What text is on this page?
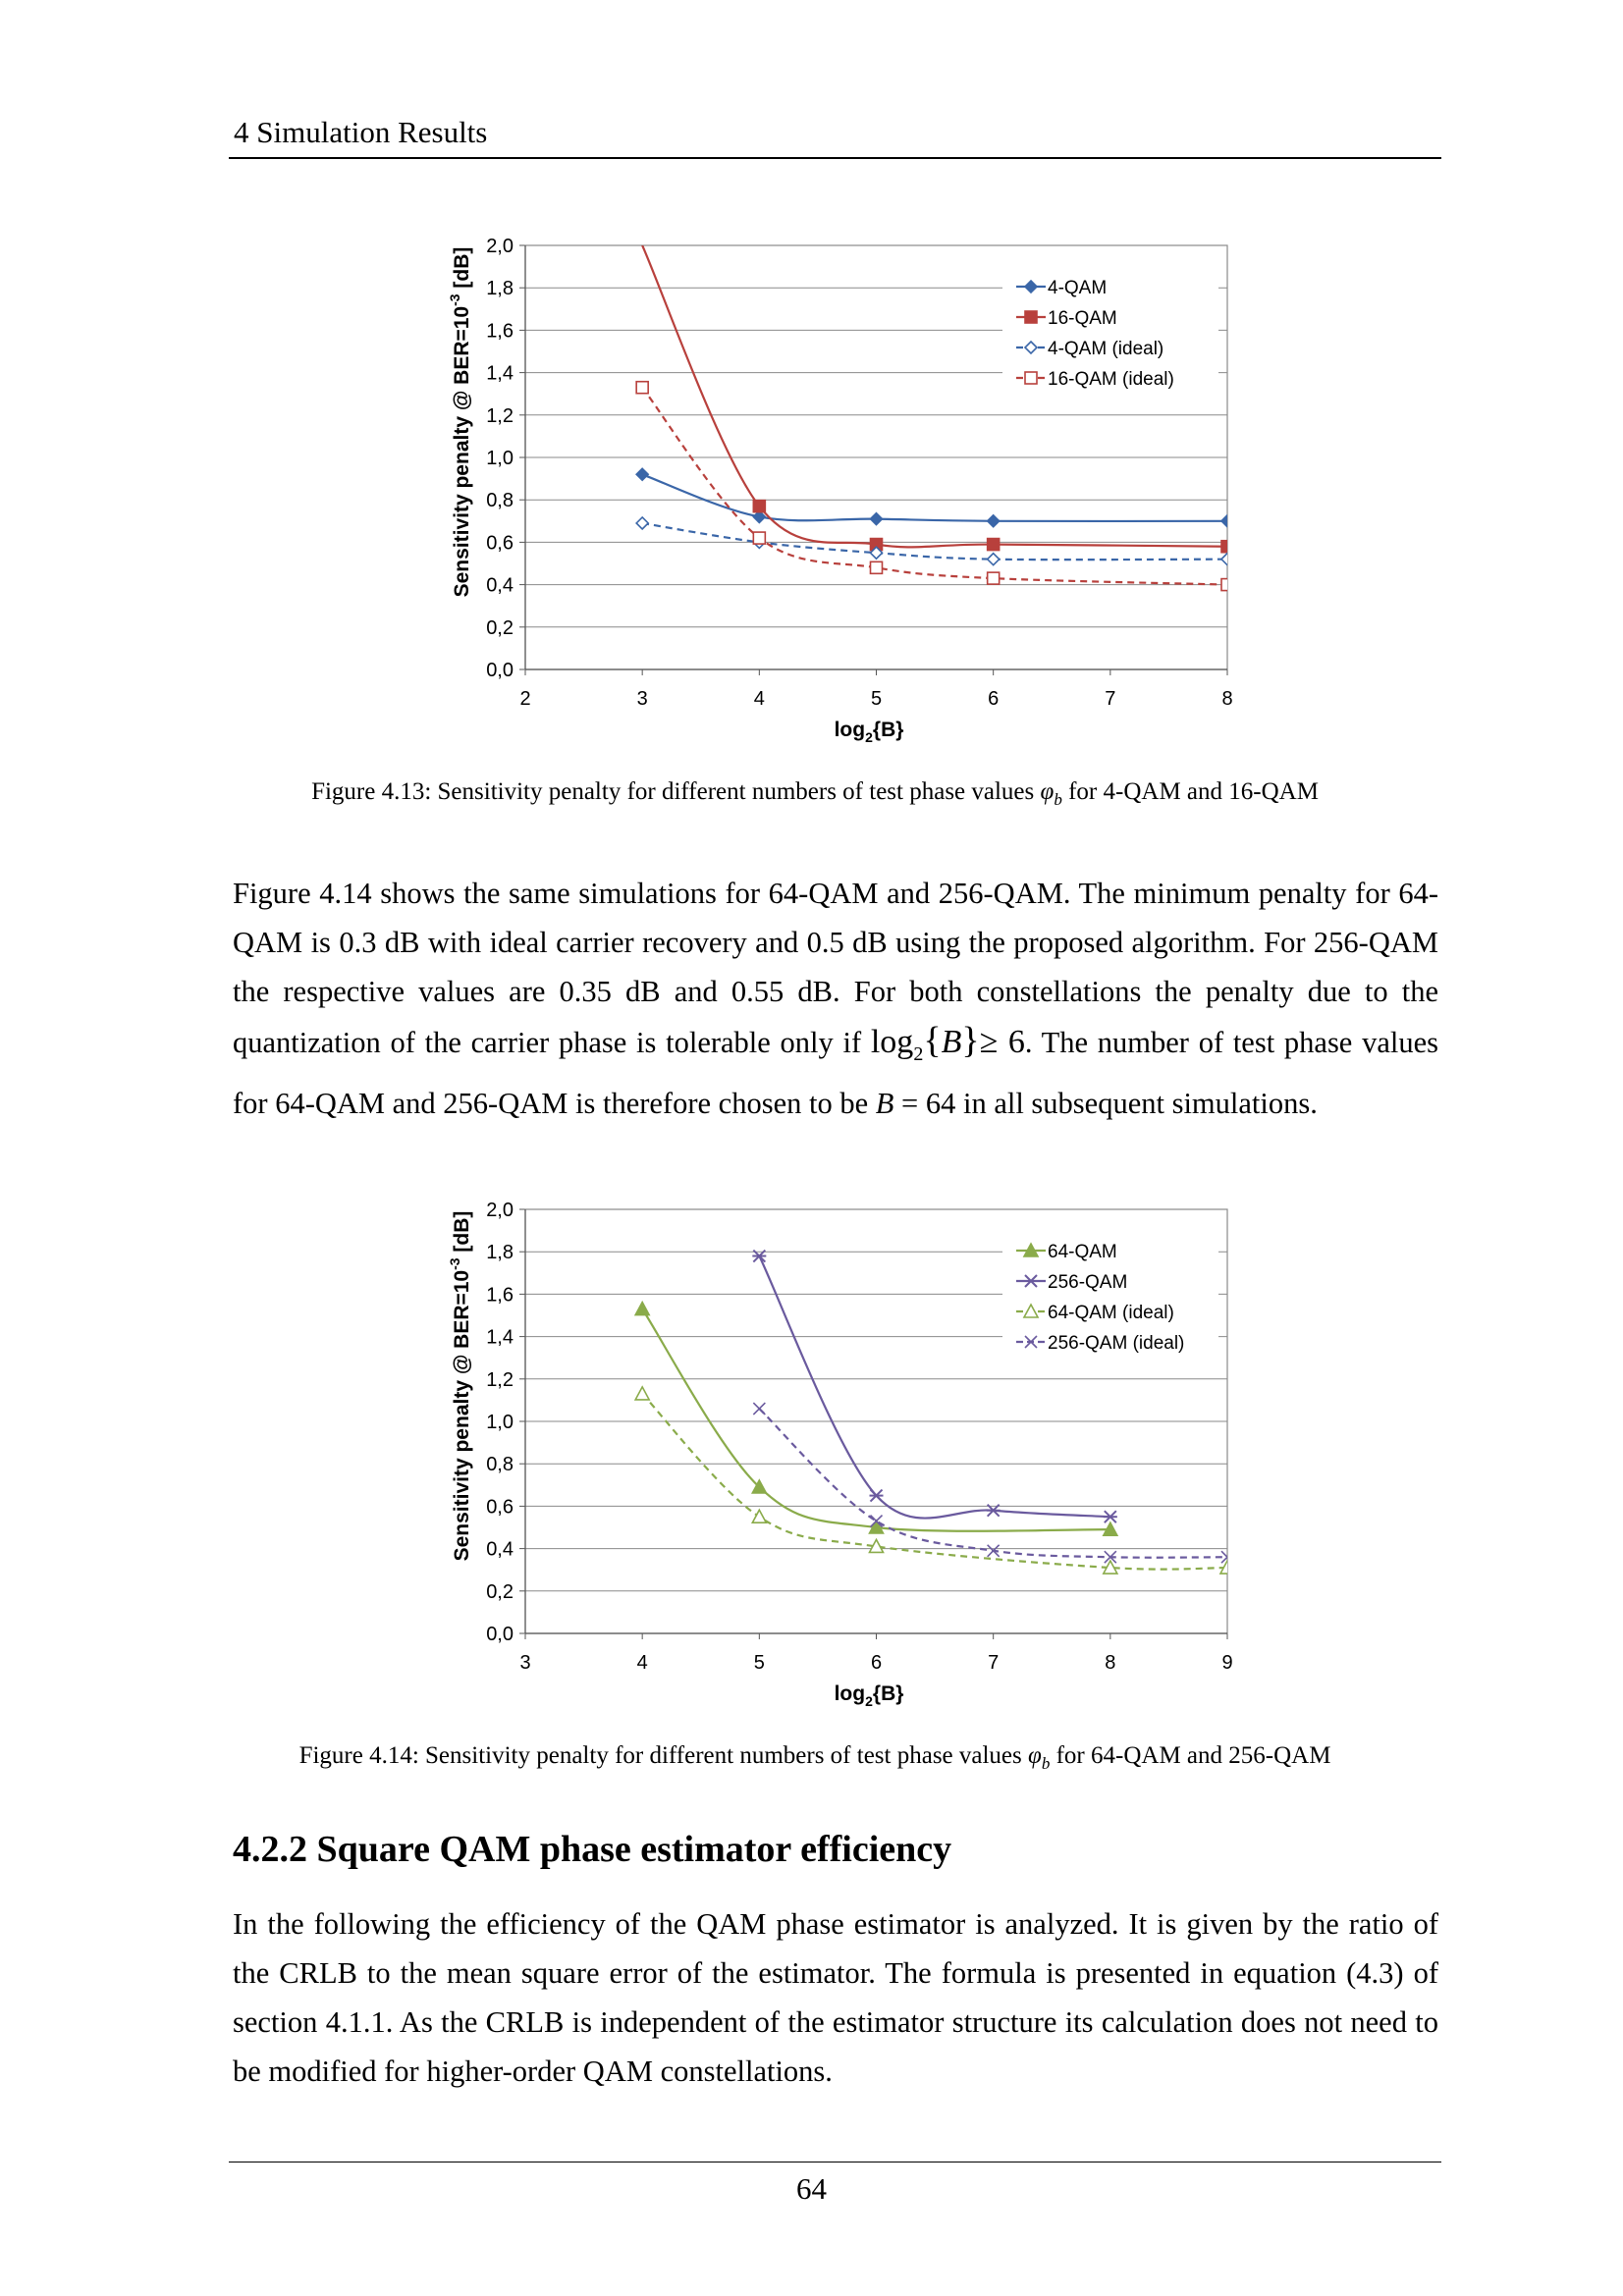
4 Simulation Results
Sensitivity penalty @ $BER=10^{-3}$ [dB]
$\log_2\{B\}$
0,0
0,2
0,4
0,6
0,8
1,0
1,2
1,4
1,6
1,8
2,0
2	3	4	5	6	7	8
4-QAM
16-QAM
4-QAM (ideal)
16-QAM (ideal)
Figure 4.13: Sensitivity penalty for different numbers of test phase values $\varphi_b$ for 4-QAM and 16-QAM

Figure 4.14 shows the same simulations for 64-QAM and 256-QAM. The minimum penalty for 64-QAM is 0.3 dB with ideal carrier recovery and 0.5 dB using the proposed algorithm. For 256-QAM the respective values are 0.35 dB and 0.55 dB. For both constellations the penalty due to the quantization of the carrier phase is tolerable only if $\log_2\{B\}\ge 6$. The number of test phase values for 64-QAM and 256-QAM is therefore chosen to be B = 64 in all subsequent simulations.

Sensitivity penalty @ $BER=10^{-3}$ [dB]
$\log_2\{B\}$
0,0
0,2
0,4
0,6
0,8
1,0
1,2
1,4
1,6
1,8
2,0
3	4	5	6	7	8	9
64-QAM
256-QAM
64-QAM (ideal)
256-QAM (ideal)
Figure 4.14: Sensitivity penalty for different numbers of test phase values $\varphi_b$ for 64-QAM and 256-QAM
4.2.2 Square QAM phase estimator efficiency

In the following the efficiency of the QAM phase estimator is analyzed. It is given by the ratio of the CRLB to the mean square error of the estimator. The formula is presented in equation (4.3) of section 4.1.1. As the CRLB is independent of the estimator structure its calculation does not need to be modified for higher-order QAM constellations.

64
